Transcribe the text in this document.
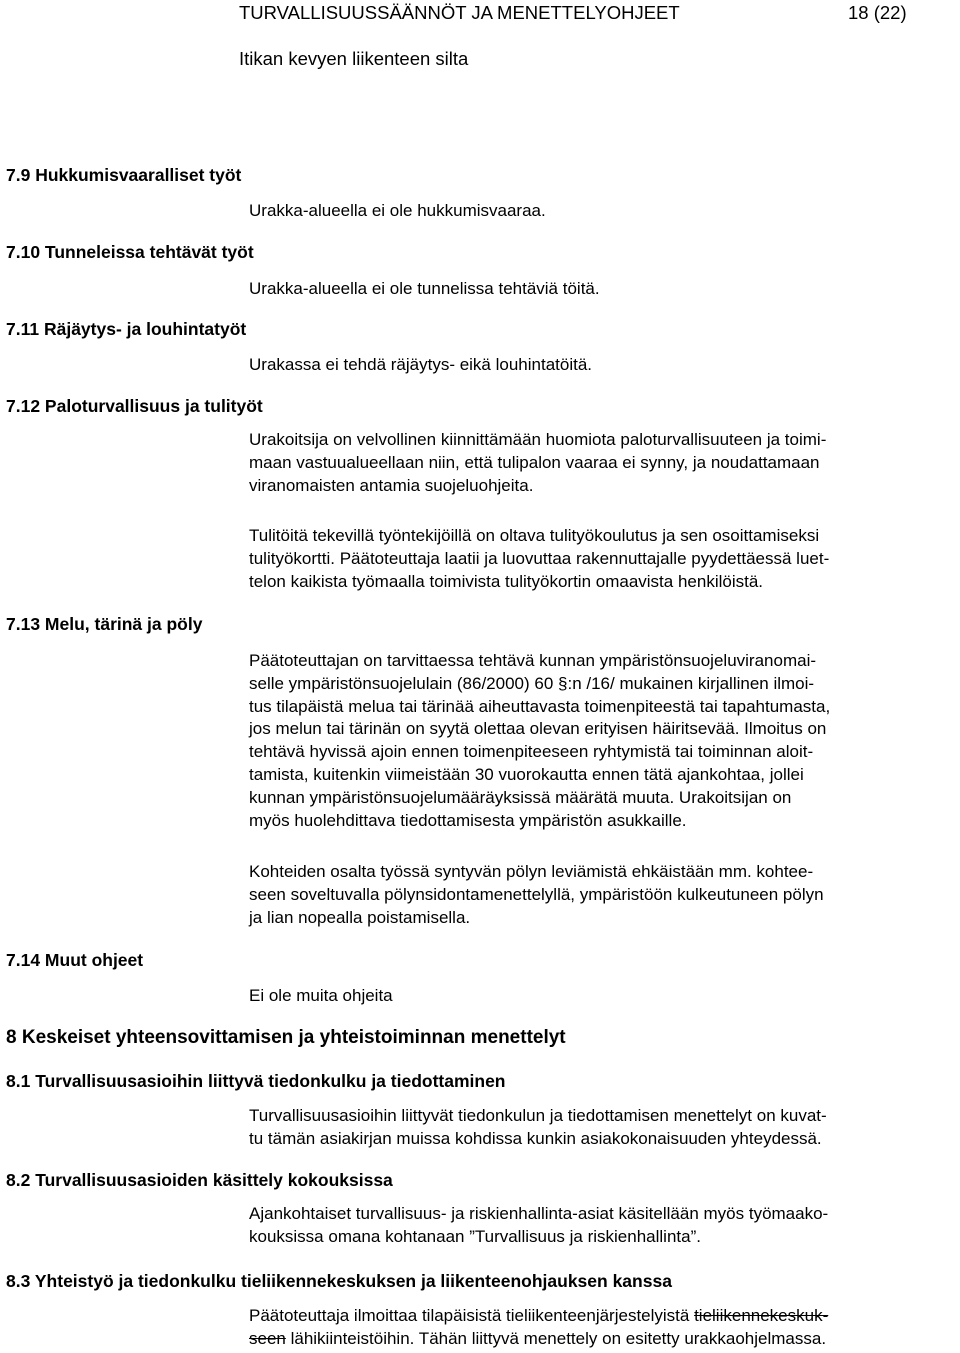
TURVALLISUUSSÄÄNNÖT JA MENETTELYOHJEET	18 (22)
Itikan kevyen liikenteen silta
7.9 Hukkumisvaaralliset työt
Urakka-alueella ei ole hukkumisvaaraa.
7.10 Tunneleissa tehtävät työt
Urakka-alueella ei ole tunnelissa tehtäviä töitä.
7.11 Räjäytys- ja louhintatyöt
Urakassa ei tehdä räjäytys- eikä louhintatöitä.
7.12 Paloturvallisuus ja tulityöt
Urakoitsija on velvollinen kiinnittämään huomiota paloturvallisuuteen ja toimi-
maan vastuualueellaan niin, että tulipalon vaaraa ei synny, ja noudattamaan
viranomaisten antamia suojeluohjeita.
Tulitöitä tekevillä työntekijöillä on oltava tulityökoulutus ja sen osoittamiseksi
tulityökortti. Päätoteuttaja laatii ja luovuttaa rakennuttajalle pyydettäessä luet-
telon kaikista työmaalla toimivista tulityökortin omaavista henkilöistä.
7.13 Melu, tärinä ja pöly
Päätoteuttajan on tarvittaessa tehtävä kunnan ympäristönsuojeluviranomai-
selle ympäristönsuojelulain (86/2000) 60 §:n /16/ mukainen kirjallinen ilmoi-
tus tilapäistä melua tai tärinää aiheuttavasta toimenpiteestä tai tapahtumasta,
jos melun tai tärinän on syytä olettaa olevan erityisen häiritsevää. Ilmoitus on
tehtävä hyvissä ajoin ennen toimenpiteeseen ryhtymistä tai toiminnan aloit-
tamista, kuitenkin viimeistään 30 vuorokautta ennen tätä ajankohtaa, jollei
kunnan ympäristönsuojelumääräyksissä määrätä muuta. Urakoitsijan on
myös huolehdittava tiedottamisesta ympäristön asukkaille.
Kohteiden osalta työssä syntyvän pölyn leviämistä ehkäistään mm. kohtee-
seen soveltuvalla pölynsidontamenettelyllä, ympäristöön kulkeutuneen pölyn
ja lian nopealla poistamisella.
7.14 Muut ohjeet
Ei ole muita ohjeita
8 Keskeiset yhteensovittamisen ja yhteistoiminnan menettelyt
8.1 Turvallisuusasioihin liittyvä tiedonkulku ja tiedottaminen
Turvallisuusasioihin liittyvät tiedonkulun ja tiedottamisen menettelyt on kuvat-
tu tämän asiakirjan muissa kohdissa kunkin asiakokonaisuuden yhteydessä.
8.2 Turvallisuusasioiden käsittely kokouksissa
Ajankohtaiset turvallisuus- ja riskienhallinta-asiat käsitellään myös työmaako-
kouksissa omana kohtanaan ”Turvallisuus ja riskienhallinta”.
8.3 Yhteistyö ja tiedonkulku tieliikennekeskuksen ja liikenteenohjauksen kanssa
Päätoteuttaja ilmoittaa tilapäisistä tieliikenteenjärjestelyistä tieliikennekeskuk-
seen lähikiinteistöihin. Tähän liittyvä menettely on esitetty urakkaohjelmassa.
